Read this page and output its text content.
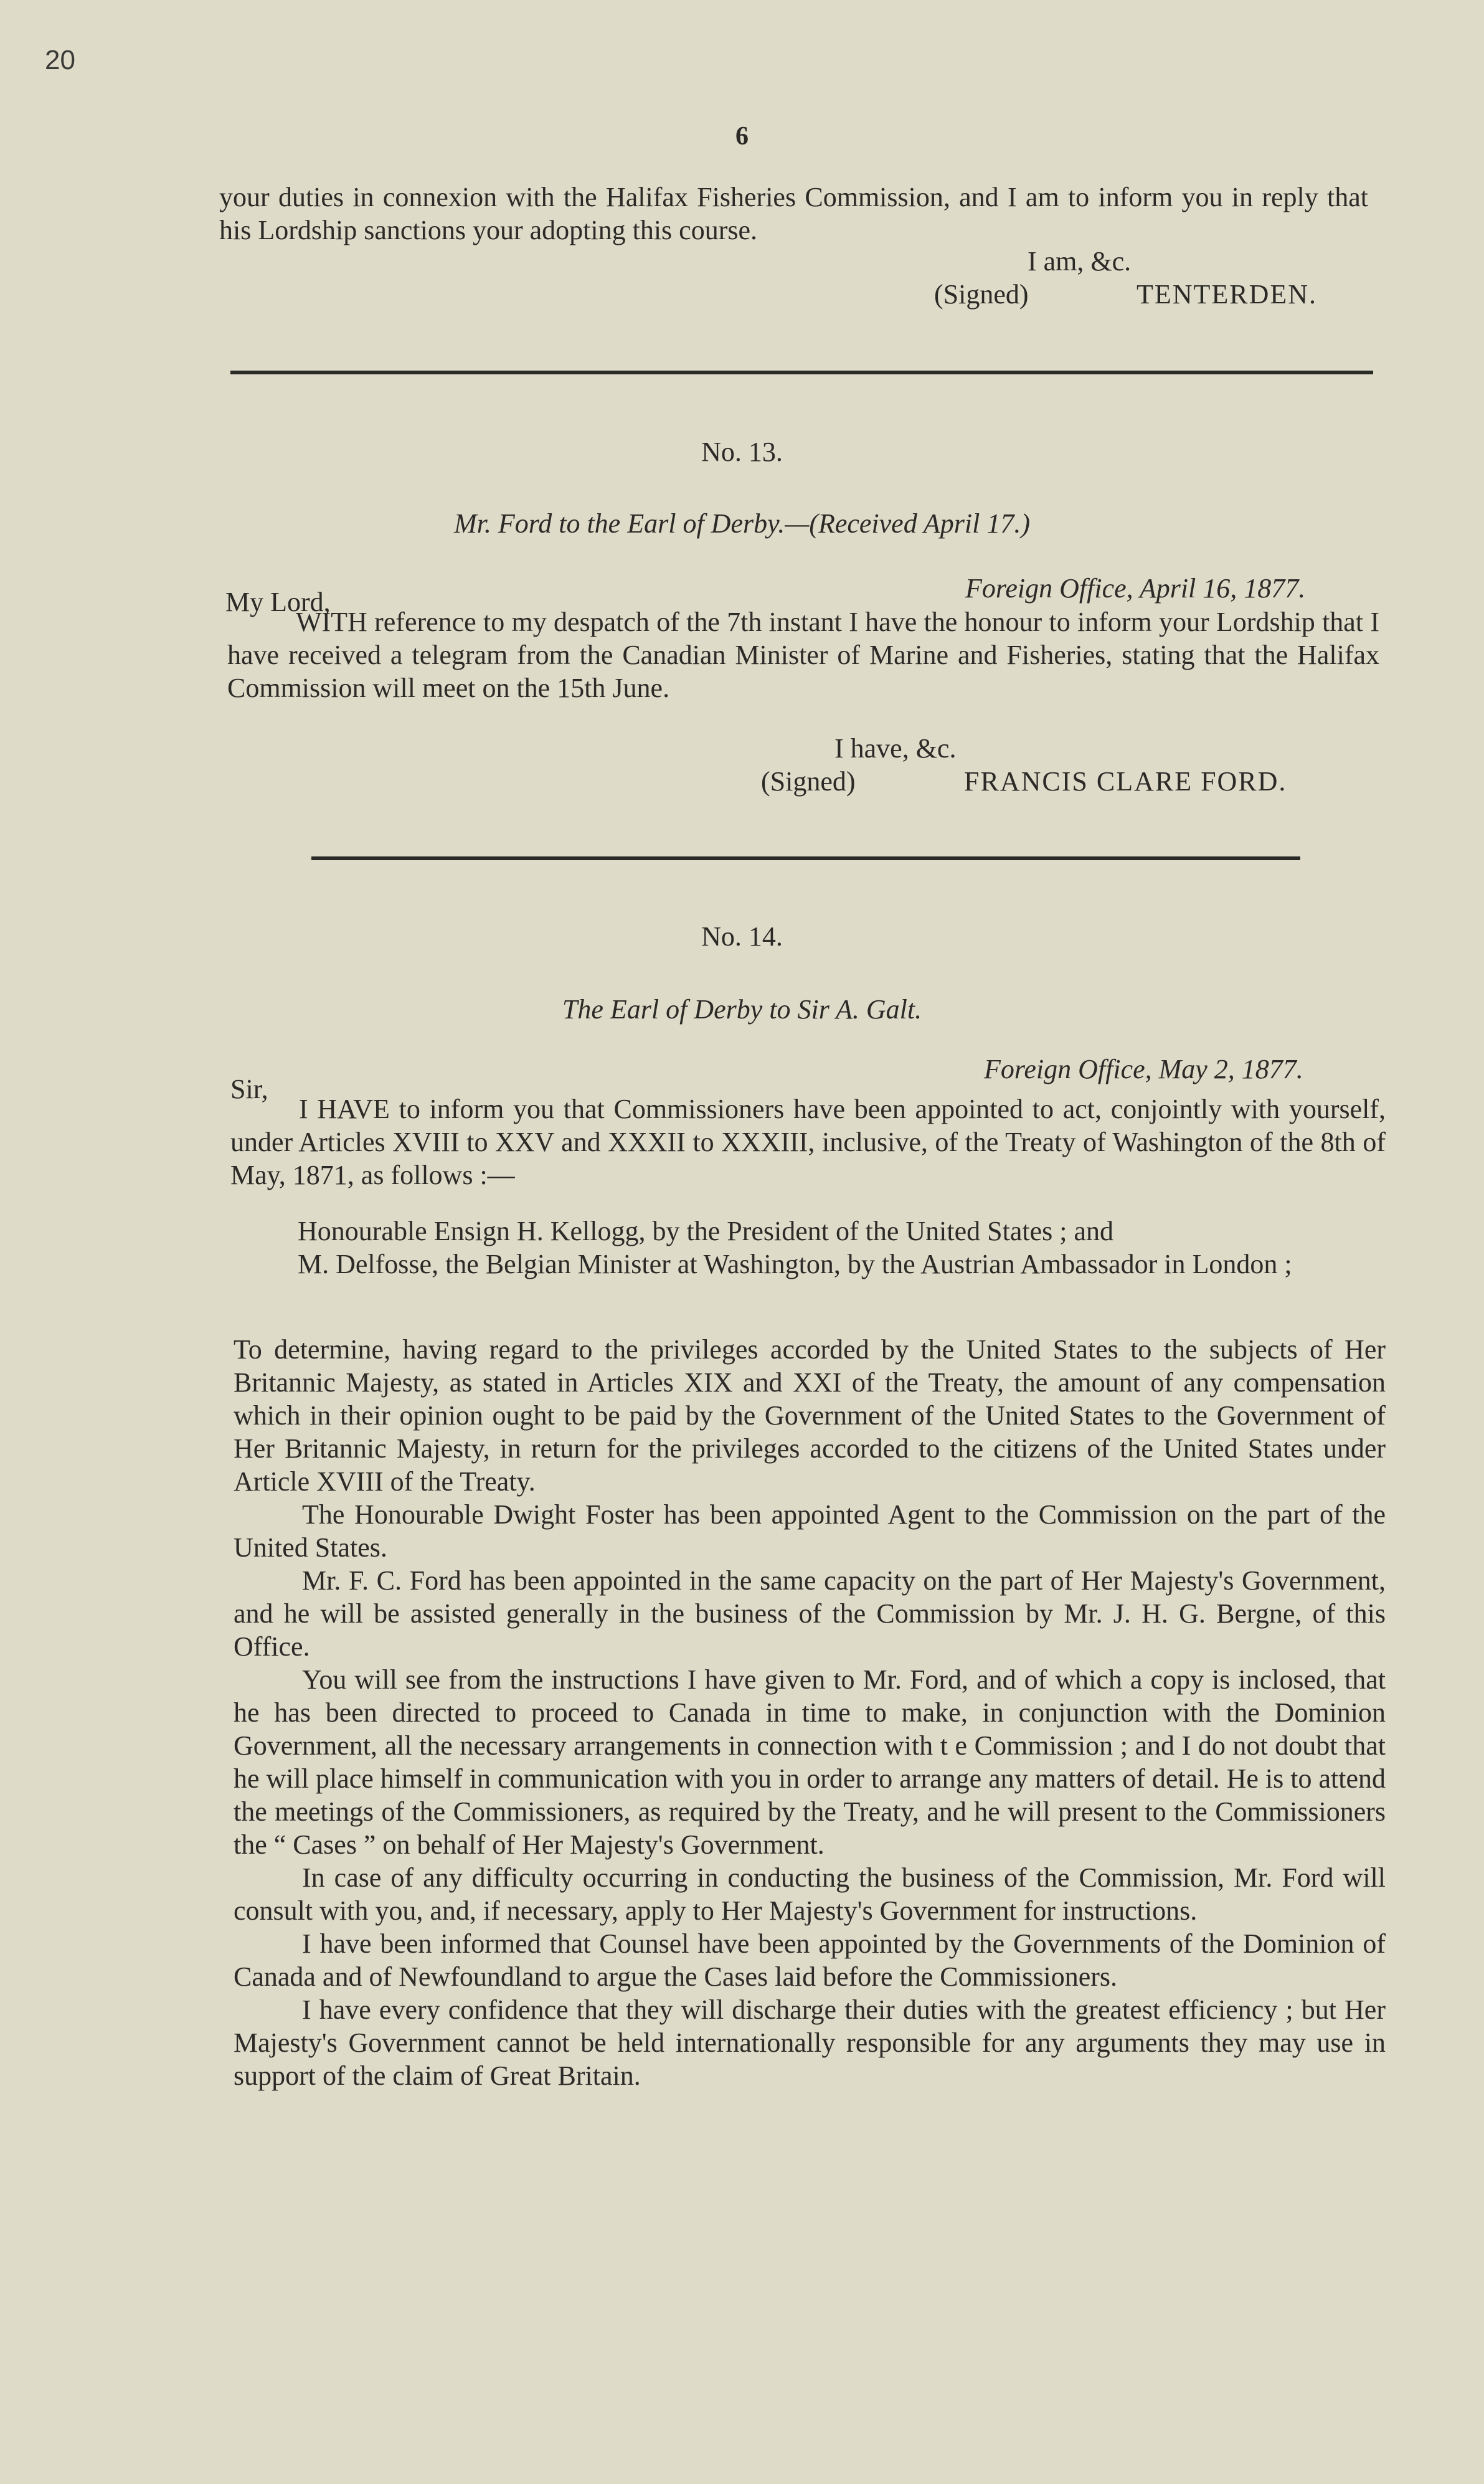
20
6

your duties in connexion with the Halifax Fisheries Commission, and I am to inform you in reply that his Lordship sanctions your adopting this course.

I am, &c.
(Signed)	TENTERDEN.
No. 13.
Mr. Ford to the Earl of Derby.—(Received April 17.)
My Lord,	Foreign Office, April 16, 1877.

WITH reference to my despatch of the 7th instant I have the honour to inform your Lordship that I have received a telegram from the Canadian Minister of Marine and Fisheries, stating that the Halifax Commission will meet on the 15th June.

I have, &c.
(Signed)	FRANCIS CLARE FORD.
No. 14.
The Earl of Derby to Sir A. Galt.
Sir,
Foreign Office, May 2, 1877.

I HAVE to inform you that Commissioners have been appointed to act, conjointly with yourself, under Articles XVIII to XXV and XXXII to XXXIII, inclusive, of the Treaty of Washington of the 8th of May, 1871, as follows :—

Honourable Ensign H. Kellogg, by the President of the United States ; and

M. Delfosse, the Belgian Minister at Washington, by the Austrian Ambassador in London ;

To determine, having regard to the privileges accorded by the United States to the subjects of Her Britannic Majesty, as stated in Articles XIX and XXI of the Treaty, the amount of any compensation which in their opinion ought to be paid by the Government of the United States to the Government of Her Britannic Majesty, in return for the privileges accorded to the citizens of the United States under Article XVIII of the Treaty.

The Honourable Dwight Foster has been appointed Agent to the Commission on the part of the United States.

Mr. F. C. Ford has been appointed in the same capacity on the part of Her Majesty's Government, and he will be assisted generally in the business of the Commission by Mr. J. H. G. Bergne, of this Office.

You will see from the instructions I have given to Mr. Ford, and of which a copy is inclosed, that he has been directed to proceed to Canada in time to make, in conjunction with the Dominion Government, all the necessary arrangements in connection with t e Commission ; and I do not doubt that he will place himself in communication with you in order to arrange any matters of detail. He is to attend the meetings of the Commissioners, as required by the Treaty, and he will present to the Commissioners the “ Cases ” on behalf of Her Majesty's Government.

In case of any difficulty occurring in conducting the business of the Commission, Mr. Ford will consult with you, and, if necessary, apply to Her Majesty's Government for instructions.

I have been informed that Counsel have been appointed by the Governments of the Dominion of Canada and of Newfoundland to argue the Cases laid before the Commissioners.

I have every confidence that they will discharge their duties with the greatest efficiency ; but Her Majesty's Government cannot be held internationally responsible for any arguments they may use in support of the claim of Great Britain.
